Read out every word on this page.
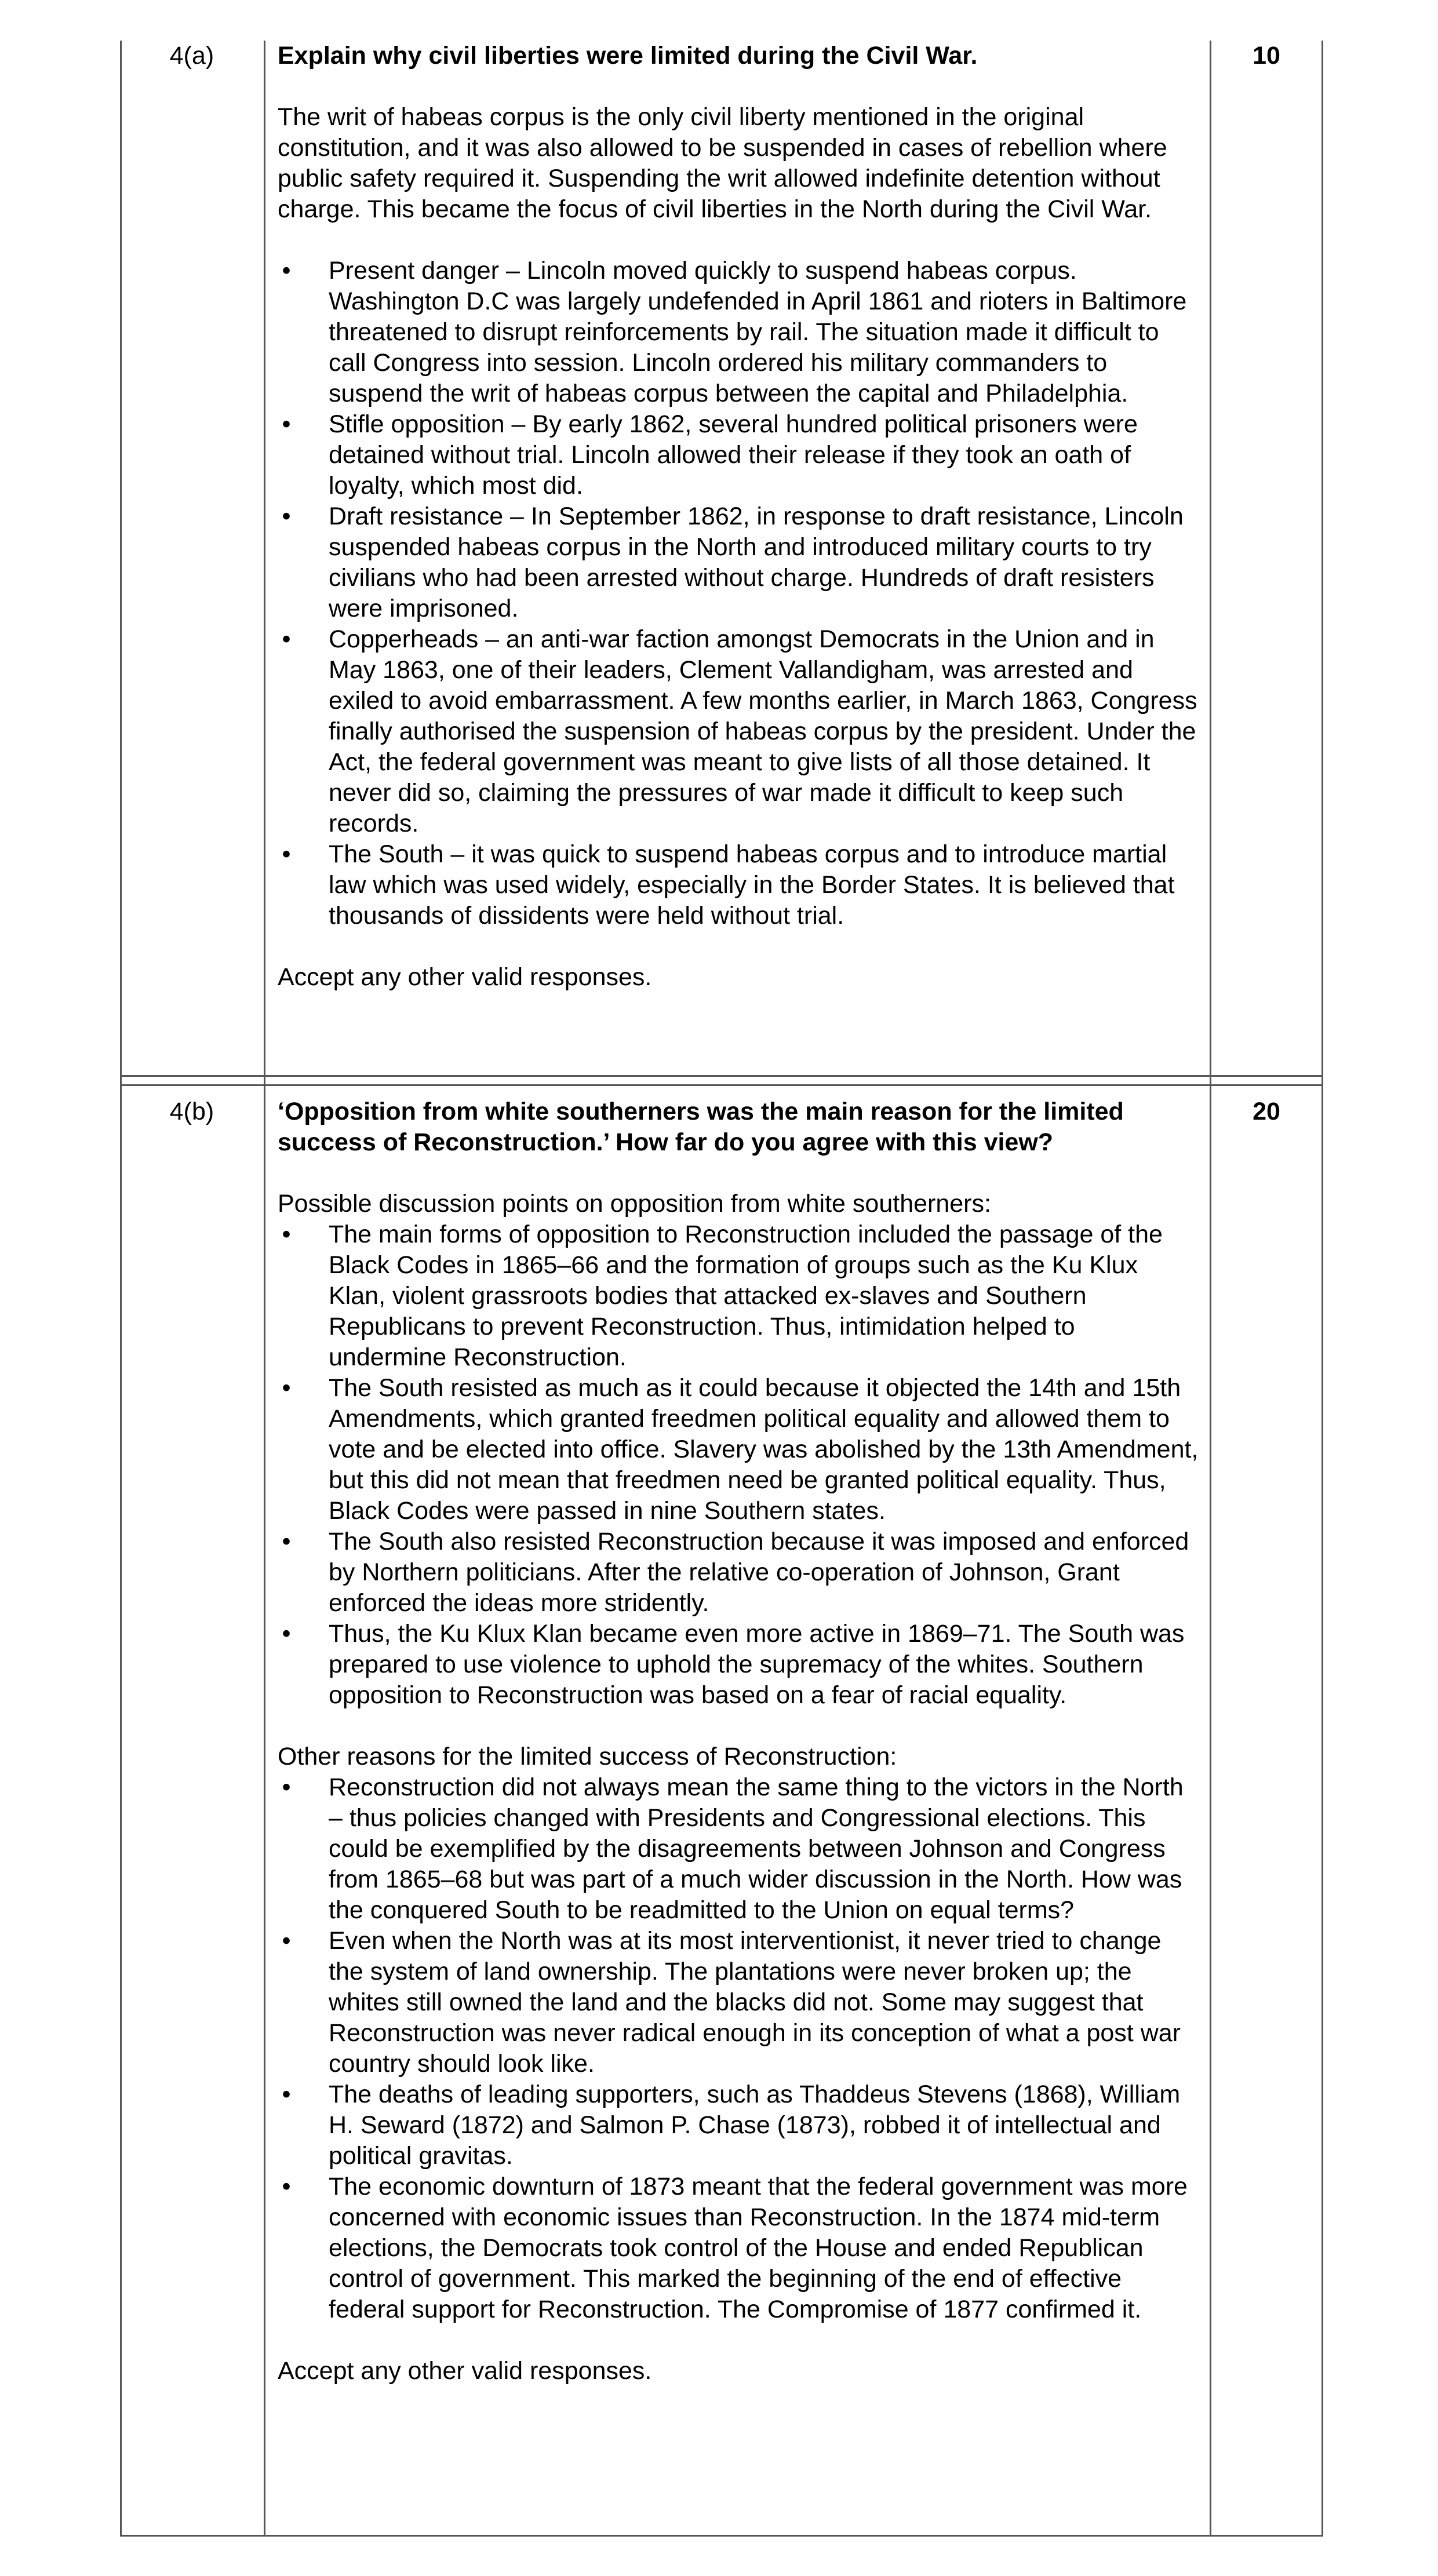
4(a)	10

Explain why civil liberties were limited during the Civil War.

The writ of habeas corpus is the only civil liberty mentioned in the original constitution, and it was also allowed to be suspended in cases of rebellion where public safety required it. Suspending the writ allowed indefinite detention without charge. This became the focus of civil liberties in the North during the Civil War.

• Present danger – Lincoln moved quickly to suspend habeas corpus. Washington D.C was largely undefended in April 1861 and rioters in Baltimore threatened to disrupt reinforcements by rail. The situation made it difficult to call Congress into session. Lincoln ordered his military commanders to suspend the writ of habeas corpus between the capital and Philadelphia.
• Stifle opposition – By early 1862, several hundred political prisoners were detained without trial. Lincoln allowed their release if they took an oath of loyalty, which most did.
• Draft resistance – In September 1862, in response to draft resistance, Lincoln suspended habeas corpus in the North and introduced military courts to try civilians who had been arrested without charge. Hundreds of draft resisters were imprisoned.
• Copperheads – an anti-war faction amongst Democrats in the Union and in May 1863, one of their leaders, Clement Vallandigham, was arrested and exiled to avoid embarrassment. A few months earlier, in March 1863, Congress finally authorised the suspension of habeas corpus by the president. Under the Act, the federal government was meant to give lists of all those detained. It never did so, claiming the pressures of war made it difficult to keep such records.
• The South – it was quick to suspend habeas corpus and to introduce martial law which was used widely, especially in the Border States. It is believed that thousands of dissidents were held without trial.

Accept any other valid responses.

4(b)	20

‘Opposition from white southerners was the main reason for the limited success of Reconstruction.’ How far do you agree with this view?

Possible discussion points on opposition from white southerners:

• The main forms of opposition to Reconstruction included the passage of the Black Codes in 1865–66 and the formation of groups such as the Ku Klux Klan, violent grassroots bodies that attacked ex-slaves and Southern Republicans to prevent Reconstruction. Thus, intimidation helped to undermine Reconstruction.
• The South resisted as much as it could because it objected the 14th and 15th Amendments, which granted freedmen political equality and allowed them to vote and be elected into office. Slavery was abolished by the 13th Amendment, but this did not mean that freedmen need be granted political equality. Thus, Black Codes were passed in nine Southern states.
• The South also resisted Reconstruction because it was imposed and enforced by Northern politicians. After the relative co-operation of Johnson, Grant enforced the ideas more stridently.
• Thus, the Ku Klux Klan became even more active in 1869–71. The South was prepared to use violence to uphold the supremacy of the whites. Southern opposition to Reconstruction was based on a fear of racial equality.

Other reasons for the limited success of Reconstruction:

• Reconstruction did not always mean the same thing to the victors in the North – thus policies changed with Presidents and Congressional elections. This could be exemplified by the disagreements between Johnson and Congress from 1865–68 but was part of a much wider discussion in the North. How was the conquered South to be readmitted to the Union on equal terms?
• Even when the North was at its most interventionist, it never tried to change the system of land ownership. The plantations were never broken up; the whites still owned the land and the blacks did not. Some may suggest that Reconstruction was never radical enough in its conception of what a post war country should look like.
• The deaths of leading supporters, such as Thaddeus Stevens (1868), William H. Seward (1872) and Salmon P. Chase (1873), robbed it of intellectual and political gravitas.
• The economic downturn of 1873 meant that the federal government was more concerned with economic issues than Reconstruction. In the 1874 mid-term elections, the Democrats took control of the House and ended Republican control of government. This marked the beginning of the end of effective federal support for Reconstruction. The Compromise of 1877 confirmed it.

Accept any other valid responses.
